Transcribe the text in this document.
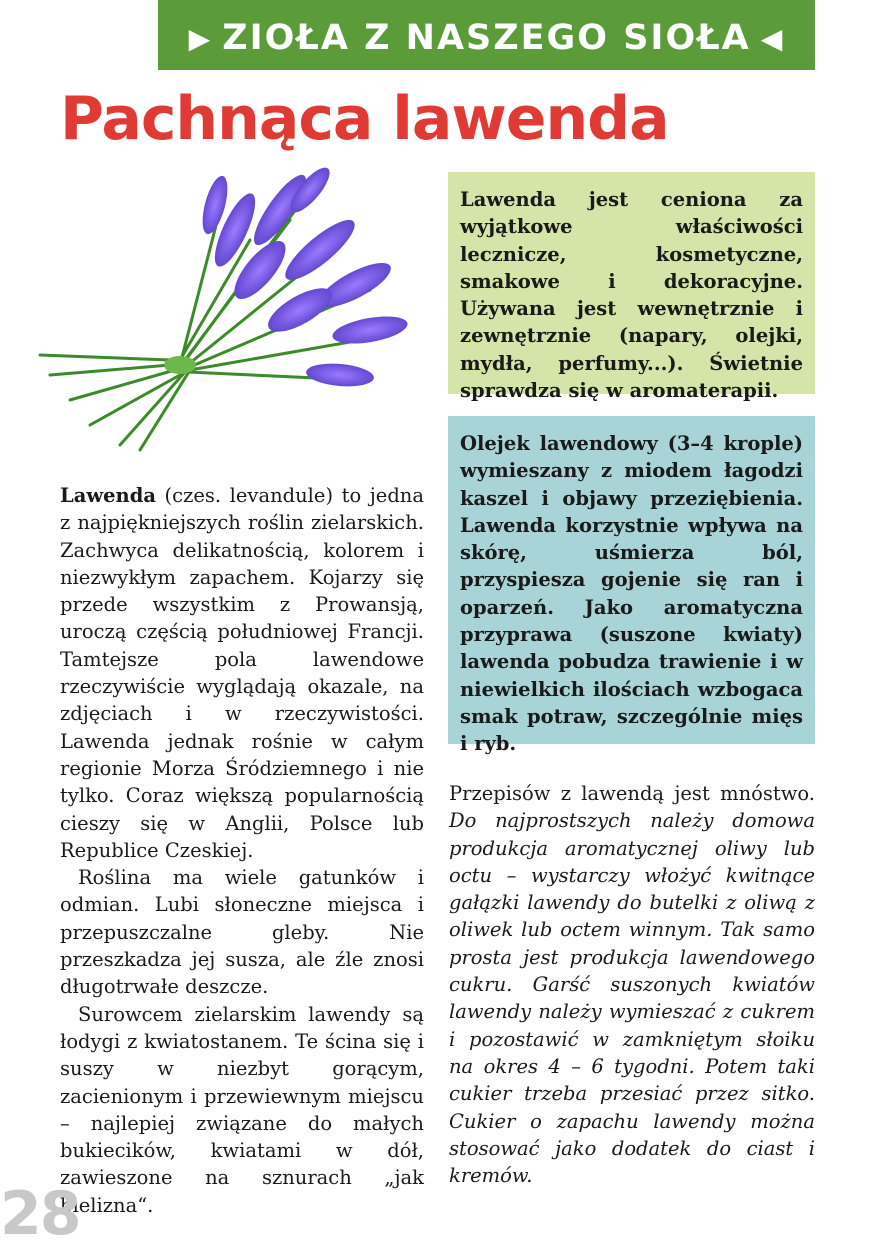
▶ ZIOŁA Z NASZEGO SIOŁA ◀
Pachnąca lawenda
Lawenda jest ceniona za wyjątkowe właściwości lecznicze, kosmetyczne, smakowe i dekoracyjne. Używana jest wewnętrznie i zewnętrznie (napary, olejki, mydła, perfumy...). Świetnie sprawdza się w aromaterapii.
Olejek lawendowy (3–4 krople) wymieszany z miodem łagodzi kaszel i objawy przeziębienia. Lawenda korzystnie wpływa na skórę, uśmierza ból, przyspiesza gojenie się ran i oparzeń. Jako aromatyczna przyprawa (suszone kwiaty) lawenda pobudza trawienie i w niewielkich ilościach wzbogaca smak potraw, szczególnie mięs i ryb.

Lawenda (czes. levandule) to jedna z najpiękniejszych roślin zielarskich. Zachwyca delikatnością, kolorem i niezwykłym zapachem. Kojarzy się przede wszystkim z Prowansją, uroczą częścią południowej Francji. Tamtejsze pola lawendowe rzeczywiście wyglądają okazale, na zdjęciach i w rzeczywistości. Lawenda jednak rośnie w całym regionie Morza Śródziemnego i nie tylko. Coraz większą popularnością cieszy się w Anglii, Polsce lub Republice Czeskiej.

Roślina ma wiele gatunków i odmian. Lubi słoneczne miejsca i przepuszczalne gleby. Nie przeszkadza jej susza, ale źle znosi długotrwałe deszcze.

Surowcem zielarskim lawendy są łodygi z kwiatostanem. Te ścina się i suszy w niezbyt gorącym, zacienionym i przewiewnym miejscu – najlepiej związane do małych bukiecików, kwiatami w dół, zawieszone na sznurach „jak bielizna“.

Przepisów z lawendą jest mnóstwo. Do najprostszych należy domowa produkcja aromatycznej oliwy lub octu – wystarczy włożyć kwitnące gałązki lawendy do butelki z oliwą z oliwek lub octem winnym. Tak samo prosta jest produkcja lawendowego cukru. Garść suszonych kwiatów lawendy należy wymieszać z cukrem i pozostawić w zamkniętym słoiku na okres 4 – 6 tygodni. Potem taki cukier trzeba przesiać przez sitko. Cukier o zapachu lawendy można stosować jako dodatek do ciast i kremów.

28
